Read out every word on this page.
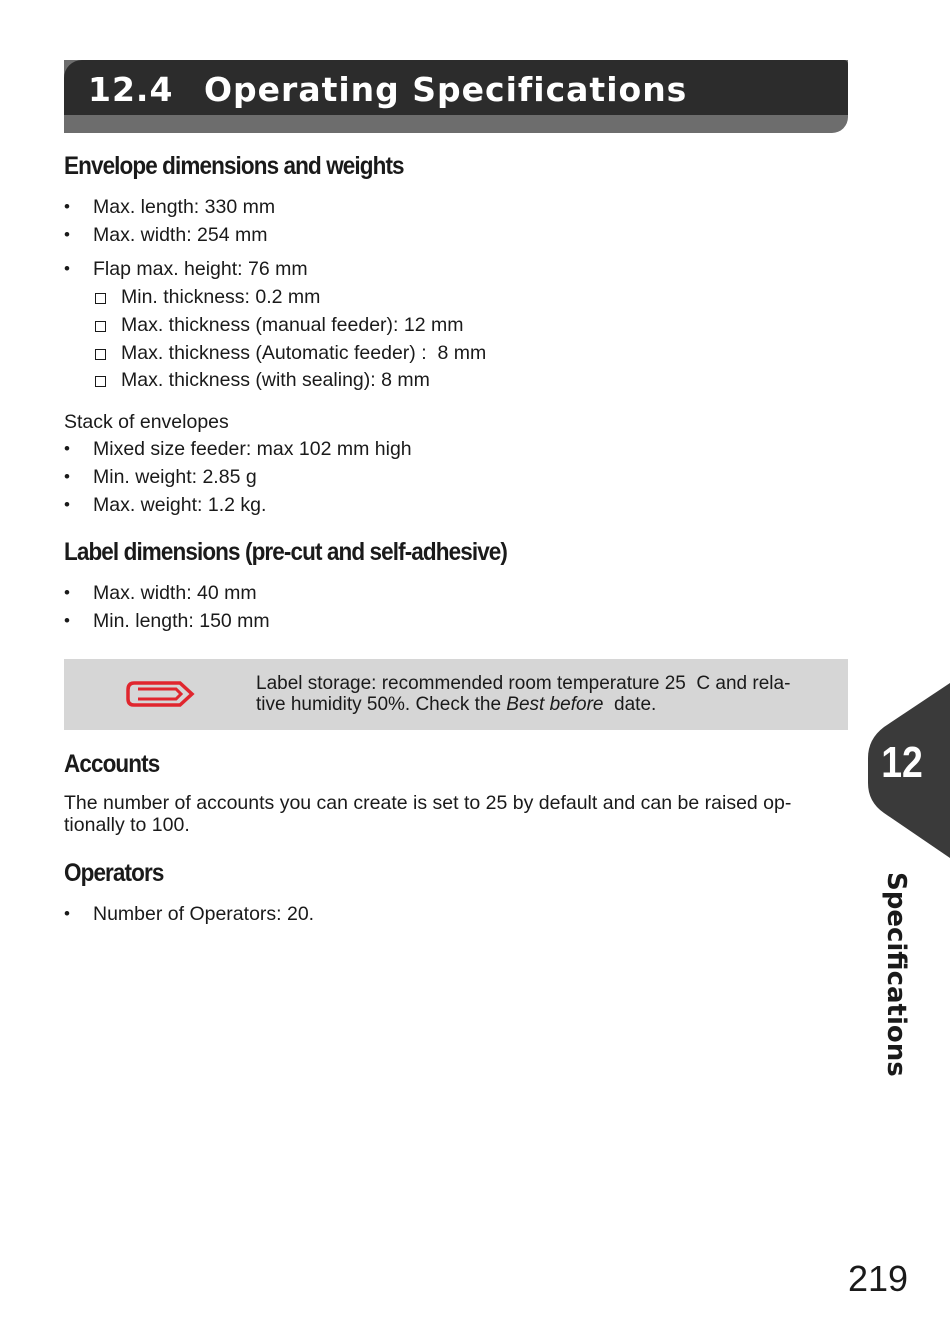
12.4 Operating Specifications
Envelope dimensions and weights
• Max. length: 330 mm
• Max. width: 254 mm
• Flap max. height: 76 mm
Min. thickness: 0.2 mm
Max. thickness (manual feeder): 12 mm
Max. thickness (Automatic feeder) :  8 mm
Max. thickness (with sealing): 8 mm
Stack of envelopes
• Mixed size feeder: max 102 mm high
• Min. weight: 2.85 g
• Max. weight: 1.2 kg.
Label dimensions (pre-cut and self-adhesive)
• Max. width: 40 mm
• Min. length: 150 mm
Label storage: recommended room temperature 25  C and rela-
tive humidity 50%. Check the Best before  date.
Accounts
The number of accounts you can create is set to 25 by default and can be raised op-
tionally to 100.
Operators
• Number of Operators: 20.
12
Specifications
219
